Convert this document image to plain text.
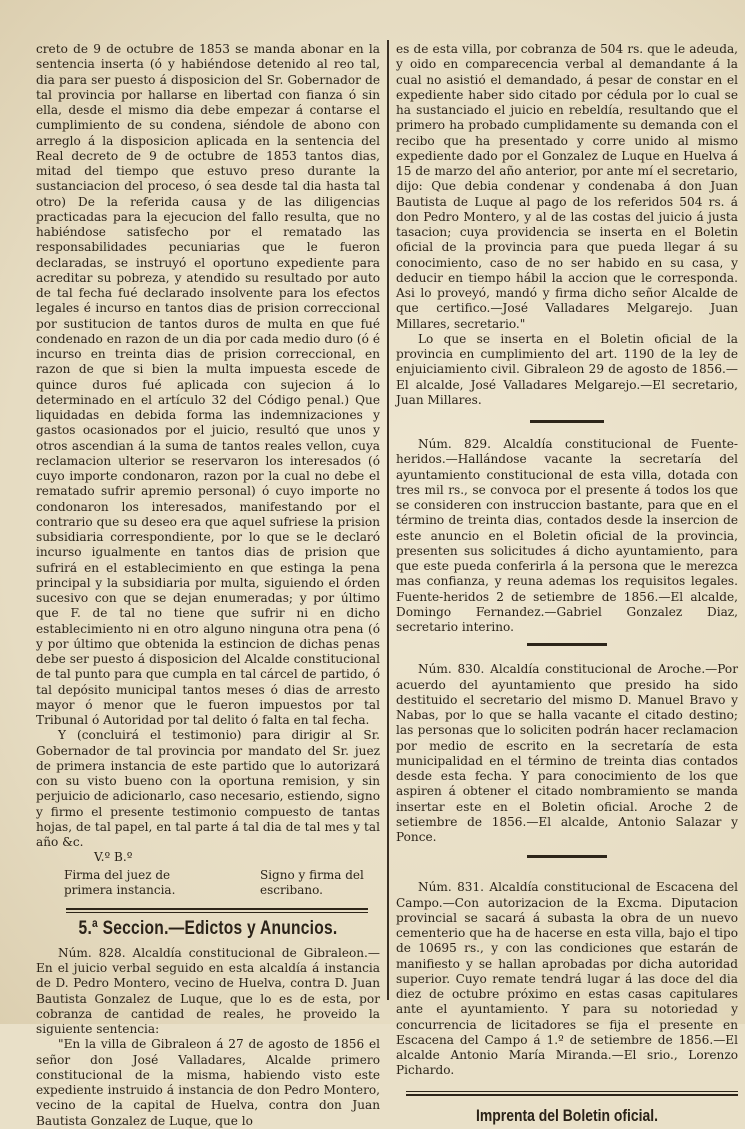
creto de 9 de octubre de 1853 se manda abonar en la sentencia inserta (ó y habiéndose detenido al reo tal, dia para ser puesto á disposicion del Sr. Gobernador de tal provincia por hallarse en libertad con fianza ó sin ella, desde el mismo dia debe empezar á contarse el cumplimiento de su condena, siéndole de abono con arreglo á la disposicion aplicada en la sentencia del Real decreto de 9 de octubre de 1853 tantos dias, mitad del tiempo que estuvo preso durante la sustanciacion del proceso, ó sea desde tal dia hasta tal otro) De la referida causa y de las diligencias practicadas para la ejecucion del fallo resulta, que no habiéndose satisfecho por el rematado las responsabilidades pecuniarias que le fueron declaradas, se instruyó el oportuno expediente para acreditar su pobreza, y atendido su resultado por auto de tal fecha fué declarado insolvente para los efectos legales é incurso en tantos dias de prision correccional por sustitucion de tantos duros de multa en que fué condenado en razon de un dia por cada medio duro (ó é incurso en treinta dias de prision correccional, en razon de que si bien la multa impuesta escede de quince duros fué aplicada con sujecion á lo determinado en el artículo 32 del Código penal.) Que liquidadas en debida forma las indemnizaciones y gastos ocasionados por el juicio, resultó que unos y otros ascendian á la suma de tantos reales vellon, cuya reclamacion ulterior se reservaron los interesados (ó cuyo importe condonaron, razon por la cual no debe el rematado sufrir apremio personal) ó cuyo importe no condonaron los interesados, manifestando por el contrario que su deseo era que aquel sufriese la prision subsidiaria correspondiente, por lo que se le declaró incurso igualmente en tantos dias de prision que sufrirá en el establecimiento en que estinga la pena principal y la subsidiaria por multa, siguiendo el órden sucesivo con que se dejan enumeradas; y por último que F. de tal no tiene que sufrir ni en dicho establecimiento ni en otro alguno ninguna otra pena (ó y por último que obtenida la estincion de dichas penas debe ser puesto á disposicion del Alcalde constitucional de tal punto para que cumpla en tal cárcel de partido, ó tal depósito municipal tantos meses ó dias de arresto mayor ó menor que le fueron impuestos por tal Tribunal ó Autoridad por tal delito ó falta en tal fecha.

Y (concluirá el testimonio) para dirigir al Sr. Gobernador de tal provincia por mandato del Sr. juez de primera instancia de este partido que lo autorizará con su visto bueno con la oportuna remision, y sin perjuicio de adicionarlo, caso necesario, estiendo, signo y firmo el presente testimonio compuesto de tantas hojas, de tal papel, en tal parte á tal dia de tal mes y tal año &c.

V.º B.º
Firma del juez de primera instancia.
Signo y firma del escribano.
5.ª Seccion.—Edictos y Anuncios.

Núm. 828. Alcaldía constitucional de Gibraleon.—En el juicio verbal seguido en esta alcaldía á instancia de D. Pedro Montero, vecino de Huelva, contra D. Juan Bautista Gonzalez de Luque, que lo es de esta, por cobranza de cantidad de reales, he proveido la siguiente sentencia:

"En la villa de Gibraleon á 27 de agosto de 1856 el señor don José Valladares, Alcalde primero constitucional de la misma, habiendo visto este expediente instruido á instancia de don Pedro Montero, vecino de la capital de Huelva, contra don Juan Bautista Gonzalez de Luque, que lo

es de esta villa, por cobranza de 504 rs. que le adeuda, y oido en comparecencia verbal al demandante á la cual no asistió el demandado, á pesar de constar en el expediente haber sido citado por cédula por lo cual se ha sustanciado el juicio en rebeldía, resultando que el primero ha probado cumplidamente su demanda con el recibo que ha presentado y corre unido al mismo expediente dado por el Gonzalez de Luque en Huelva á 15 de marzo del año anterior, por ante mí el secretario, dijo: Que debia condenar y condenaba á don Juan Bautista de Luque al pago de los referidos 504 rs. á don Pedro Montero, y al de las costas del juicio á justa tasacion; cuya providencia se inserta en el Boletin oficial de la provincia para que pueda llegar á su conocimiento, caso de no ser habido en su casa, y deducir en tiempo hábil la accion que le corresponda. Asi lo proveyó, mandó y firma dicho señor Alcalde de que certifico.—José Valladares Melgarejo. Juan Millares, secretario."

Lo que se inserta en el Boletin oficial de la provincia en cumplimiento del art. 1190 de la ley de enjuiciamiento civil. Gibraleon 29 de agosto de 1856.—El alcalde, José Valladares Melgarejo.—El secretario, Juan Millares.

Núm. 829. Alcaldía constitucional de Fuente-heridos.—Hallándose vacante la secretaría del ayuntamiento constitucional de esta villa, dotada con tres mil rs., se convoca por el presente á todos los que se consideren con instruccion bastante, para que en el término de treinta dias, contados desde la insercion de este anuncio en el Boletin oficial de la provincia, presenten sus solicitudes á dicho ayuntamiento, para que este pueda conferirla á la persona que le merezca mas confianza, y reuna ademas los requisitos legales. Fuente-heridos 2 de setiembre de 1856.—El alcalde, Domingo Fernandez.—Gabriel Gonzalez Diaz, secretario interino.

Núm. 830. Alcaldía constitucional de Aroche.—Por acuerdo del ayuntamiento que presido ha sido destituido el secretario del mismo D. Manuel Bravo y Nabas, por lo que se halla vacante el citado destino; las personas que lo soliciten podrán hacer reclamacion por medio de escrito en la secretaría de esta municipalidad en el término de treinta dias contados desde esta fecha. Y para conocimiento de los que aspiren á obtener el citado nombramiento se manda insertar este en el Boletin oficial. Aroche 2 de setiembre de 1856.—El alcalde, Antonio Salazar y Ponce.

Núm. 831. Alcaldía constitucional de Escacena del Campo.—Con autorizacion de la Excma. Diputacion provincial se sacará á subasta la obra de un nuevo cementerio que ha de hacerse en esta villa, bajo el tipo de 10695 rs., y con las condiciones que estarán de manifiesto y se hallan aprobadas por dicha autoridad superior. Cuyo remate tendrá lugar á las doce del dia diez de octubre próximo en estas casas capitulares ante el ayuntamiento. Y para su notoriedad y concurrencia de licitadores se fija el presente en Escacena del Campo á 1.º de setiembre de 1856.—El alcalde Antonio María Miranda.—El srio., Lorenzo Pichardo.

Imprenta del Boletin oficial.
